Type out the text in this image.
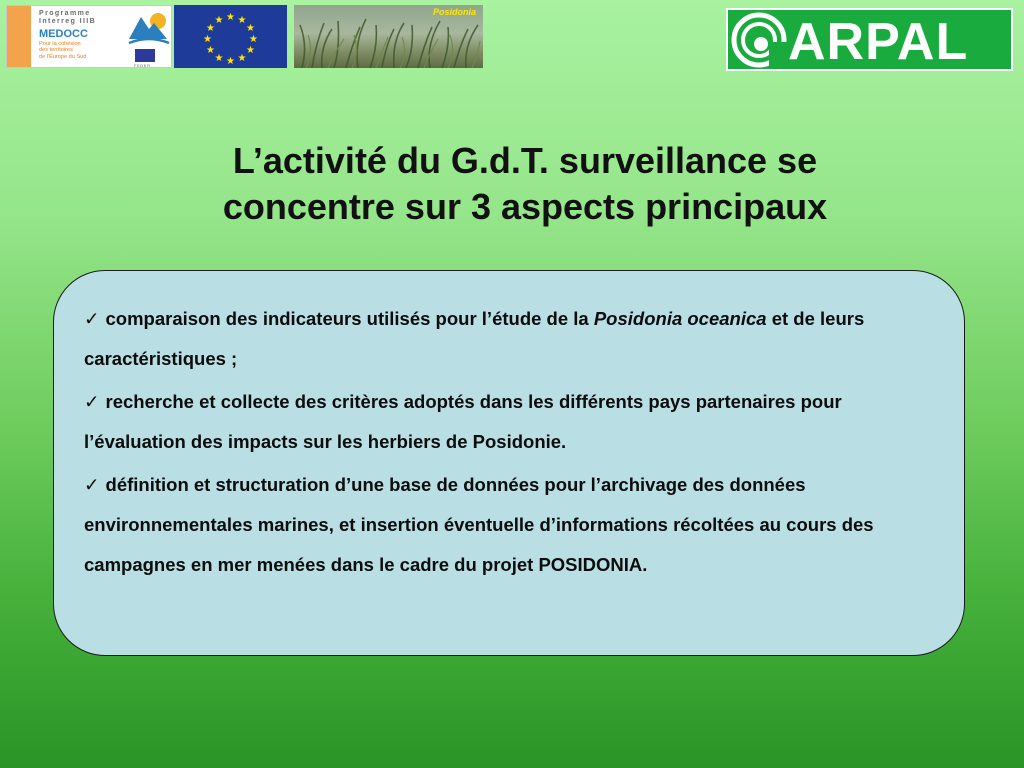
Programme
Interreg IIIB
MEDOCC
Pour la cohésion
des territoires
de l'Europe du Sud
FEDER
★ ★
★
★
★
★
★
★
★
★
★
★
Posidonia
ARPAL
L’activité du G.d.T. surveillance se
concentre sur 3 aspects principaux
✓ comparaison des indicateurs utilisés pour l’étude de la Posidonia oceanica et de leurs caractéristiques ;
✓ recherche et collecte des critères adoptés dans les différents pays partenaires pour l’évaluation des impacts sur les herbiers de Posidonie.
✓ définition et structuration d’une base de données pour l’archivage des données environnementales marines, et insertion éventuelle d’informations récoltées au cours des campagnes en mer menées dans le cadre du projet POSIDONIA.
